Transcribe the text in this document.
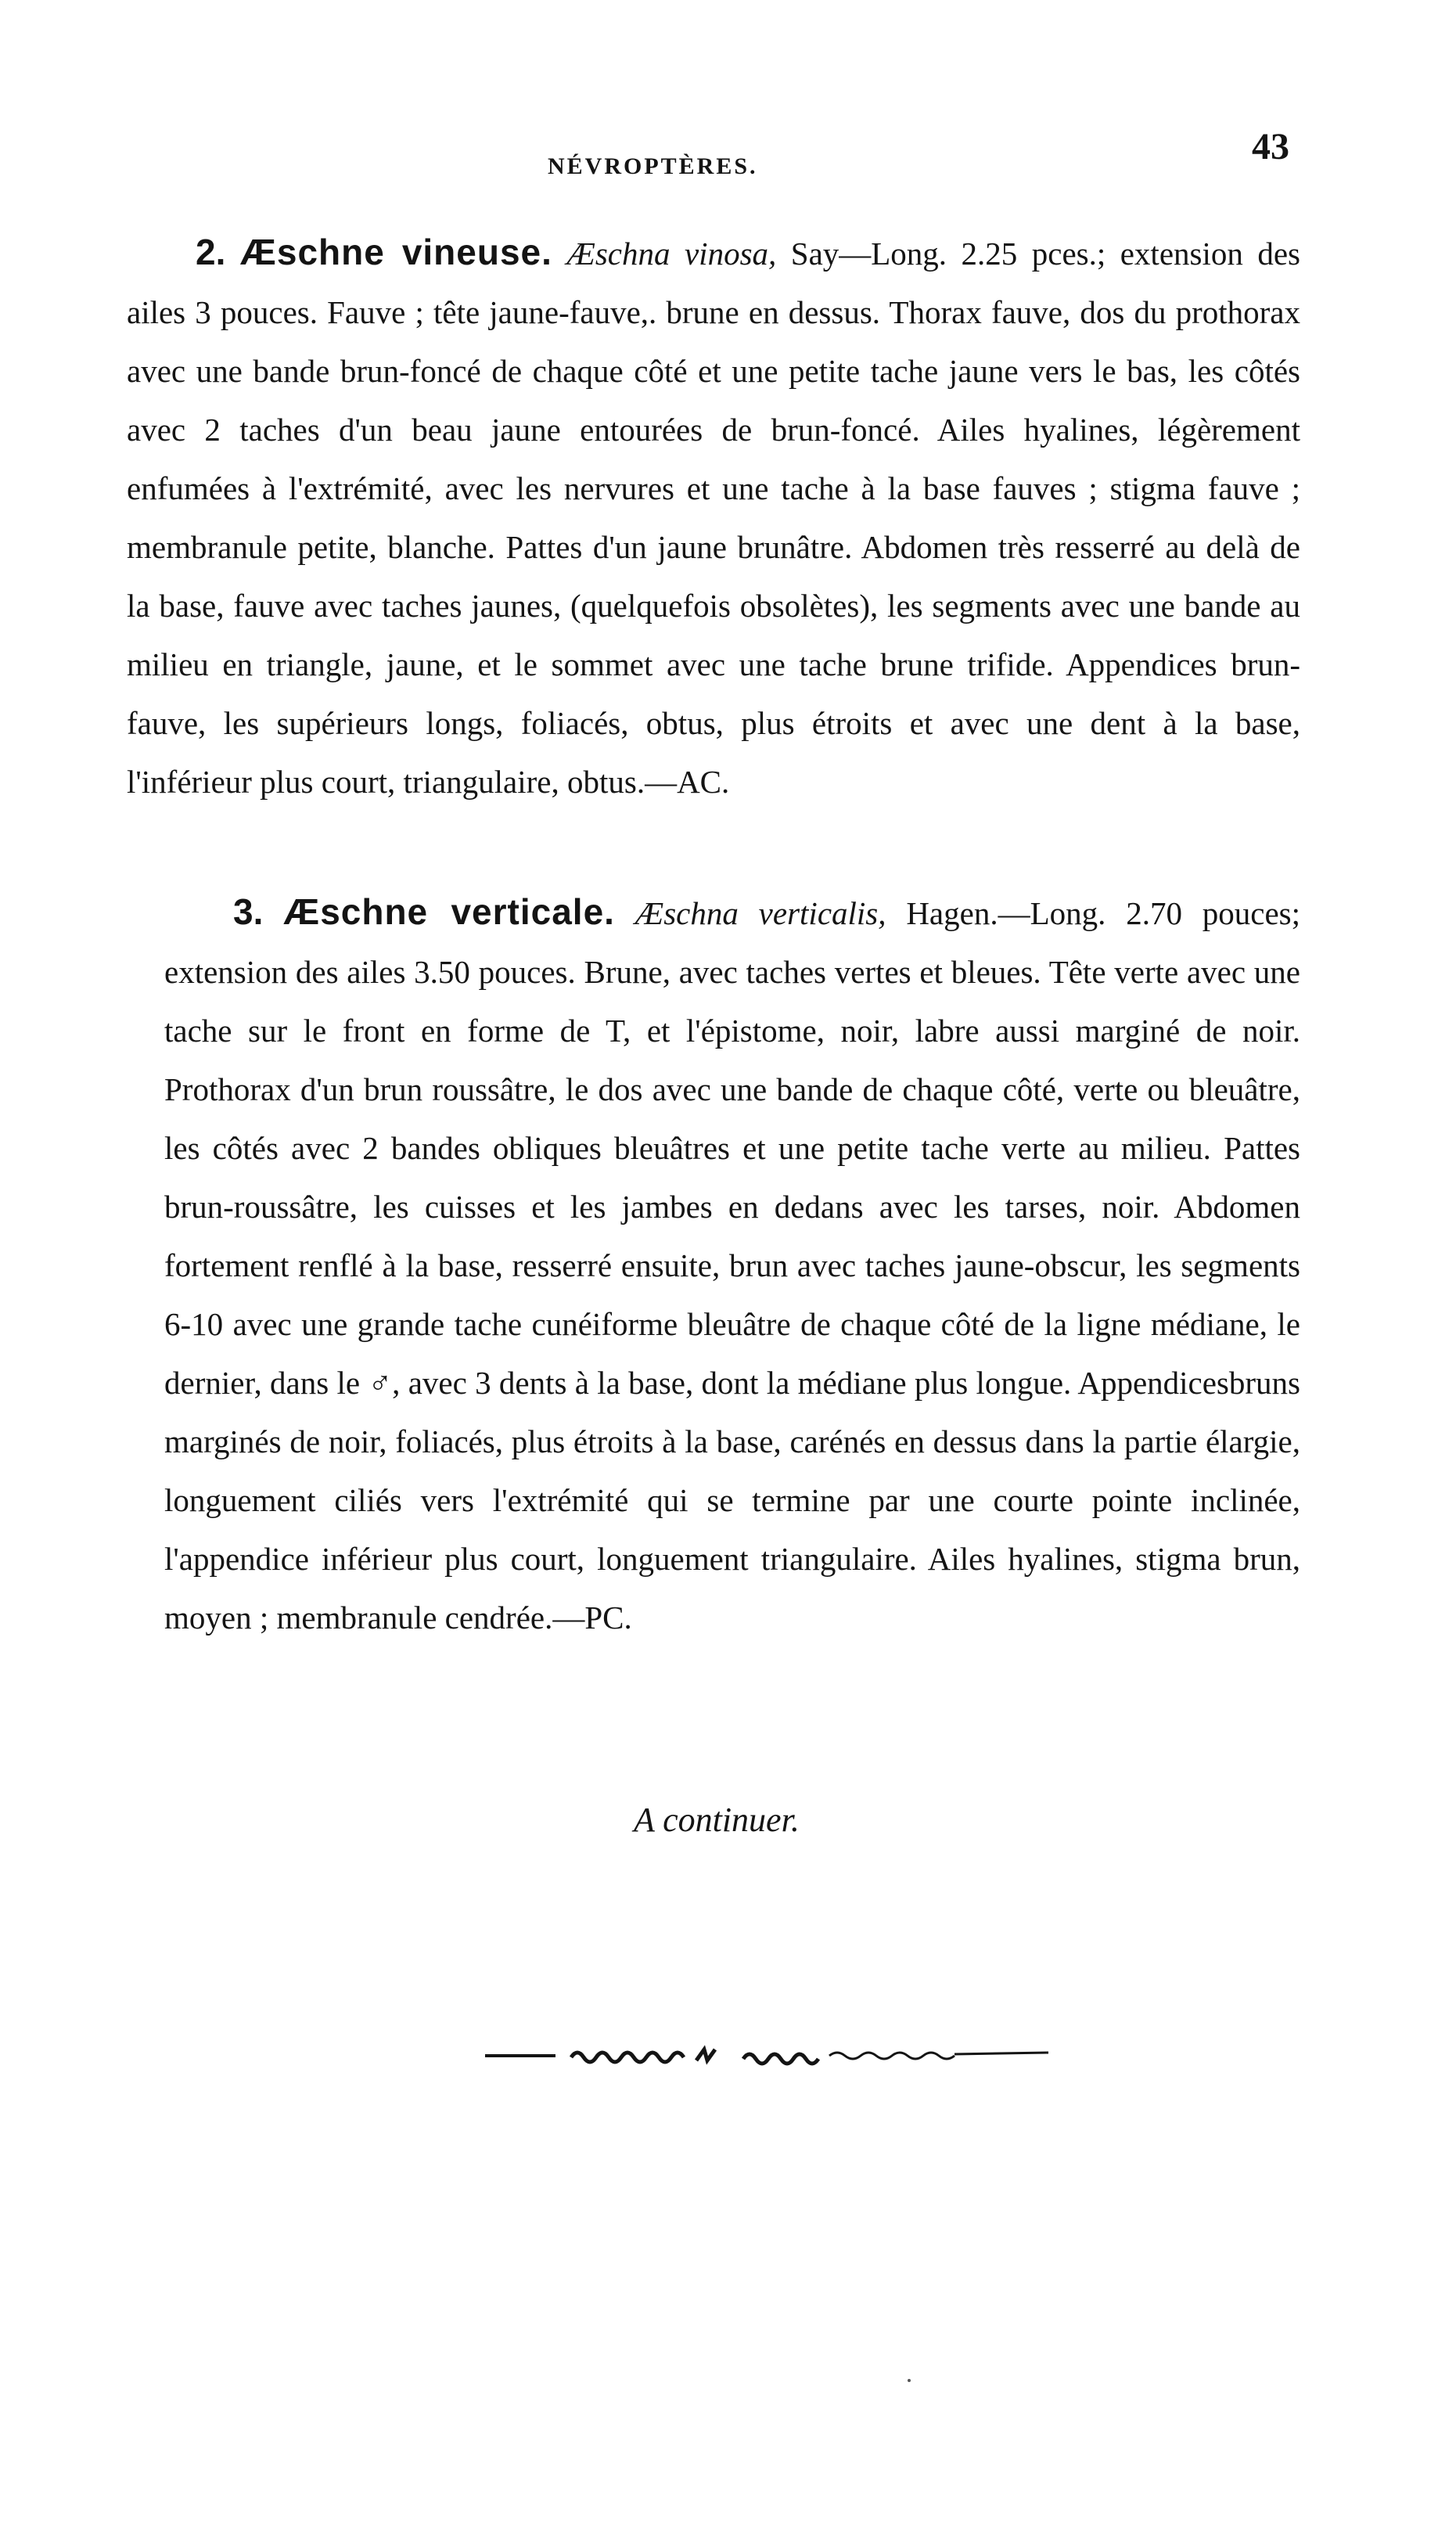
NÉVROPTÈRES.	43

2. Æschne vineuse. Æschna vinosa, Say—Long. 2.25 pces.; extension des ailes 3 pouces. Fauve ; tête jaune-fauve,. brune en dessus. Thorax fauve, dos du prothorax avec une bande brun-foncé de chaque côté et une petite tache jaune vers le bas, les côtés avec 2 taches d'un beau jaune entourées de brun-foncé. Ailes hyalines, légèrement enfumées à l'extrémité, avec les nervures et une tache à la base fauves ; stigma fauve ; membranule petite, blanche. Pattes d'un jaune brunâtre. Abdomen très resserré au delà de la base, fauve avec taches jaunes, (quelquefois obsolètes), les segments avec une bande au milieu en triangle, jaune, et le sommet avec une tache brune trifide. Appendices brun-fauve, les supérieurs longs, foliacés, obtus, plus étroits et avec une dent à la base, l'inférieur plus court, triangulaire, obtus.—AC.

3. Æschne verticale. Æschna verticalis, Hagen.—Long. 2.70 pouces; extension des ailes 3.50 pouces. Brune, avec taches vertes et bleues. Tête verte avec une tache sur le front en forme de T, et l'épistome, noir, labre aussi marginé de noir. Prothorax d'un brun roussâtre, le dos avec une bande de chaque côté, verte ou bleuâtre, les côtés avec 2 bandes obliques bleuâtres et une petite tache verte au milieu. Pattes brun-roussâtre, les cuisses et les jambes en dedans avec les tarses, noir. Abdomen fortement renflé à la base, resserré ensuite, brun avec taches jaune-obscur, les segments 6-10 avec une grande tache cunéiforme bleuâtre de chaque côté de la ligne médiane, le dernier, dans le ♂, avec 3 dents à la base, dont la médiane plus longue. Appendicesbruns marginés de noir, foliacés, plus étroits à la base, carénés en dessus dans la partie élargie, longuement ciliés vers l'extrémité qui se termine par une courte pointe inclinée, l'appendice inférieur plus court, longuement triangulaire. Ailes hyalines, stigma brun, moyen ; membranule cendrée.—PC.

A continuer.
